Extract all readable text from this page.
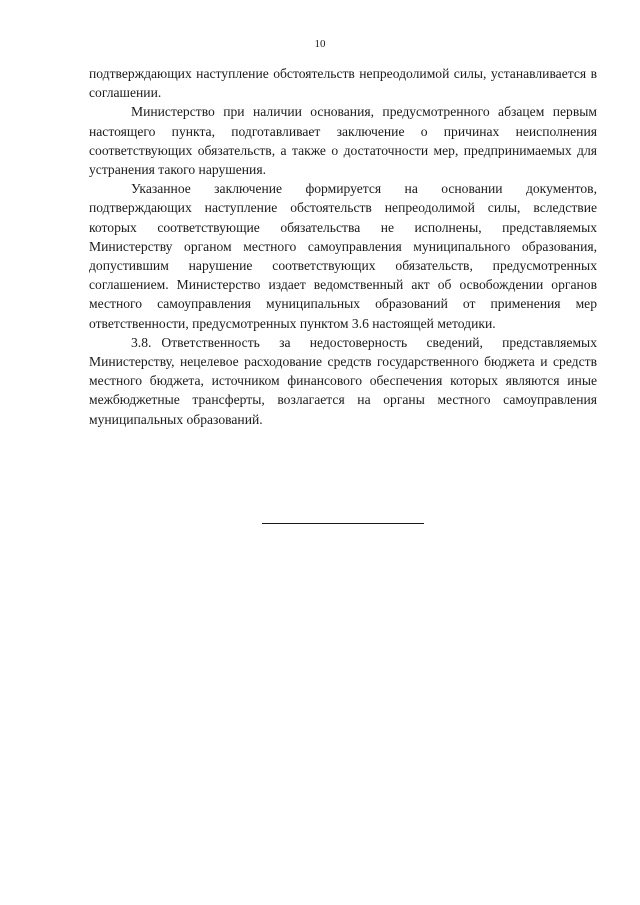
10

подтверждающих наступление обстоятельств непреодолимой силы, устанавливается в соглашении.

Министерство при наличии основания, предусмотренного абзацем первым настоящего пункта, подготавливает заключение о причинах неисполнения соответствующих обязательств, а также о достаточности мер, предпринимаемых для устранения такого нарушения.

Указанное заключение формируется на основании документов, подтверждающих наступление обстоятельств непреодолимой силы, вследствие которых соответствующие обязательства не исполнены, представляемых Министерству органом местного самоуправления муниципального образования, допустившим нарушение соответствующих обязательств, предусмотренных соглашением. Министерство издает ведомственный акт об освобождении органов местного самоуправления муниципальных образований от применения мер ответственности, предусмотренных пунктом 3.6 настоящей методики.

3.8. Ответственность за недостоверность сведений, представляемых Министерству, нецелевое расходование средств государственного бюджета и средств местного бюджета, источником финансового обеспечения которых являются иные межбюджетные трансферты, возлагается на органы местного самоуправления муниципальных образований.
